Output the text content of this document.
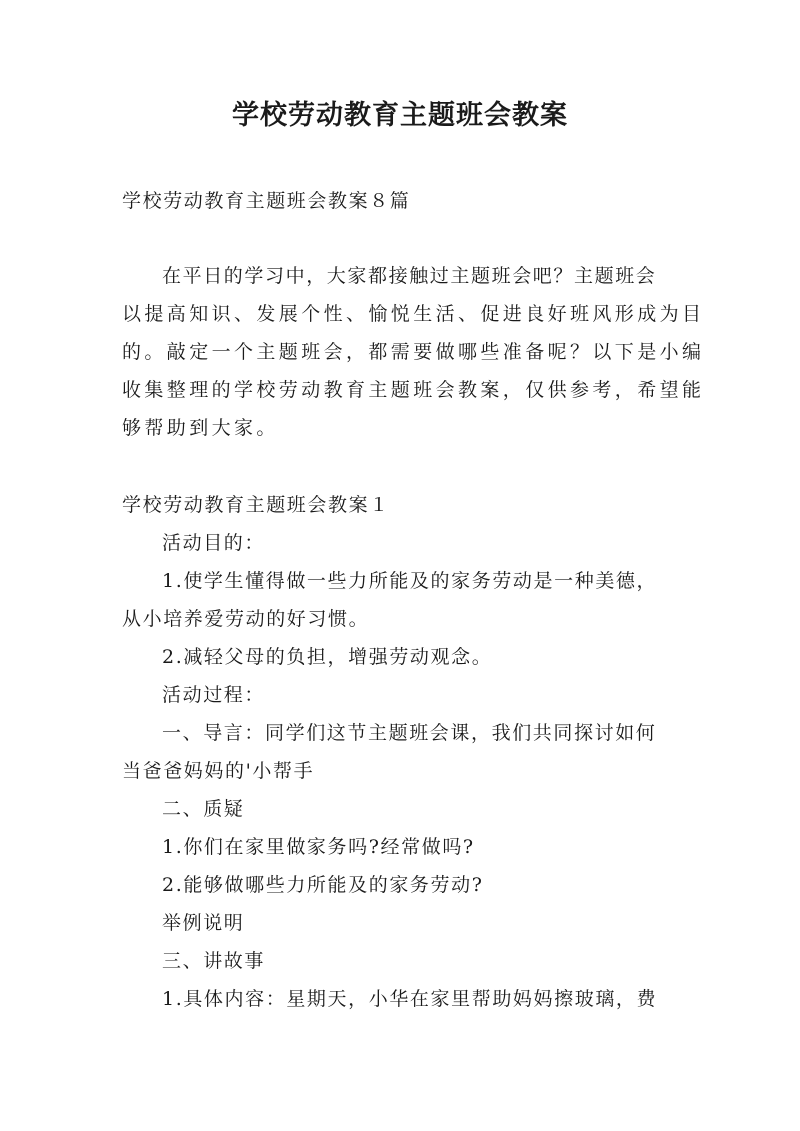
学校劳动教育主题班会教案

学校劳动教育主题班会教案８篇

在平日的学习中，大家都接触过主题班会吧？主题班会

以提高知识、发展个性、愉悦生活、促进良好班风形成为目

的。敲定一个主题班会，都需要做哪些准备呢？以下是小编

收集整理的学校劳动教育主题班会教案，仅供参考，希望能

够帮助到大家。

学校劳动教育主题班会教案１

活动目的：

1.使学生懂得做一些力所能及的家务劳动是一种美德，

从小培养爱劳动的好习惯。

2.减轻父母的负担，增强劳动观念。

活动过程：

一、导言：同学们这节主题班会课，我们共同探讨如何

当爸爸妈妈的'小帮手

二、质疑

1.你们在家里做家务吗?经常做吗?

2.能够做哪些力所能及的家务劳动?

举例说明

三、讲故事

1.具体内容：星期天，小华在家里帮助妈妈擦玻璃，费
